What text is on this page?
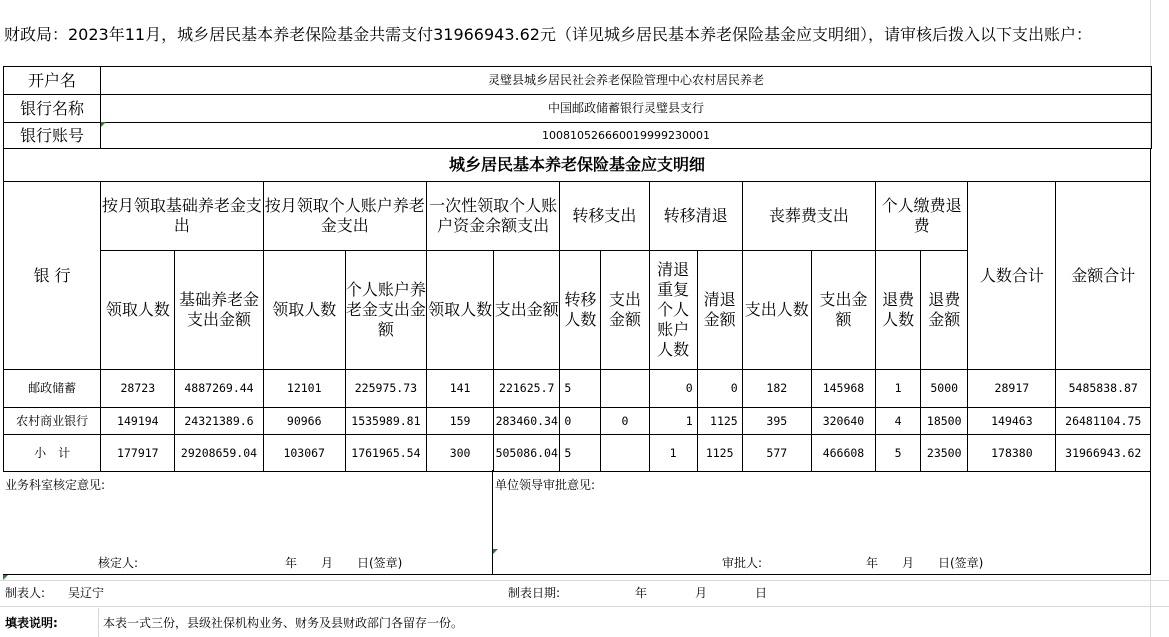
财政局：2023年11月，城乡居民基本养老保险基金共需支付31966943.62元（详见城乡居民基本养老保险基金应支明细），请审核后拨入以下支出账户：
开户名	灵璧县城乡居民社会养老保险管理中心农村居民养老
银行名称	中国邮政储蓄银行灵璧县支行
银行账号	100810526660019999230001
城乡居民基本养老保险基金应支明细																
银 行	按月领取基础养老金支出		按月领取个人账户养老金支出		一次性领取个人账户资金余额支出		转移支出		转移清退		丧葬费支出		个人缴费退费		人数合计	金额合计
	领取人数	基础养老金支出金额	领取人数	个人账户养老金支出金额	领取人数	支出金额	转移人数	支出金额	清退重复个人账户人数	清退金额	支出人数	支出金额	退费人数	退费金额		
邮政储蓄	28723	4887269.44	12101	225975.73	141	221625.7	5		0	0	182	145968	1	5000	28917	5485838.87
农村商业银行	149194	24321389.6	90966	1535989.81	159	283460.34	0	0	1	1125	395	320640	4	18500	149463	26481104.75
小　计	177917	29208659.04	103067	1761965.54	300	505086.04	5		1	1125	577	466608	5	23500	178380	31966943.62
业务科室核定意见:	单位领导审批意见:
核定人:	年　　月　　日(签章)	审批人:	年　　月　　日(签章)
制表人: 吴辽宁	制表日期:	年　　　　月　　　　日
填表说明:	本表一式三份，县级社保机构业务、财务及县财政部门各留存一份。
